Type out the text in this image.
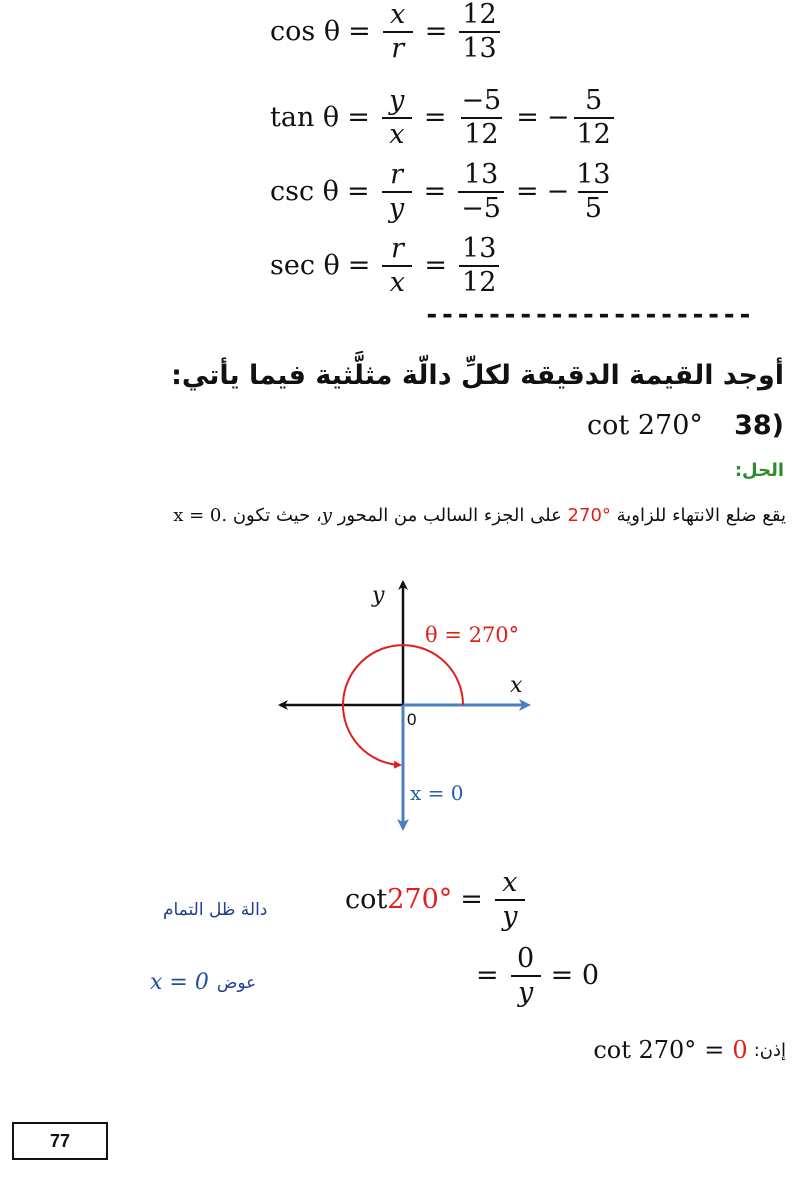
$\cos \theta = \frac{x}{r} = \frac{12}{13}$
$\tan \theta = \frac{y}{x} = \frac{-5}{12}$ = − $\frac{5}{12}$
$\csc \theta = \frac{r}{y} = \frac{13}{-5}$ = − $\frac{13}{5}$
$\sec \theta = \frac{r}{x} = \frac{13}{12}$
---------------------
أوجد القيمة الدقيقة لكلِّ دالّة مثلَّثية فيما يأتي:
cot 270° 38)
الحل:
يقع ضلع الانتهاء للزاوية 270° على الجزء السالب من المحور y، حيث تكون x = 0.
y
x
0
θ = 270°
x = 0
$\cot 270^\circ = \frac{x}{y}$
دالة ظل التمام
= $\frac{0}{y} = 0$
x = 0 عوض
cot 270° = 0 إذن:
77
